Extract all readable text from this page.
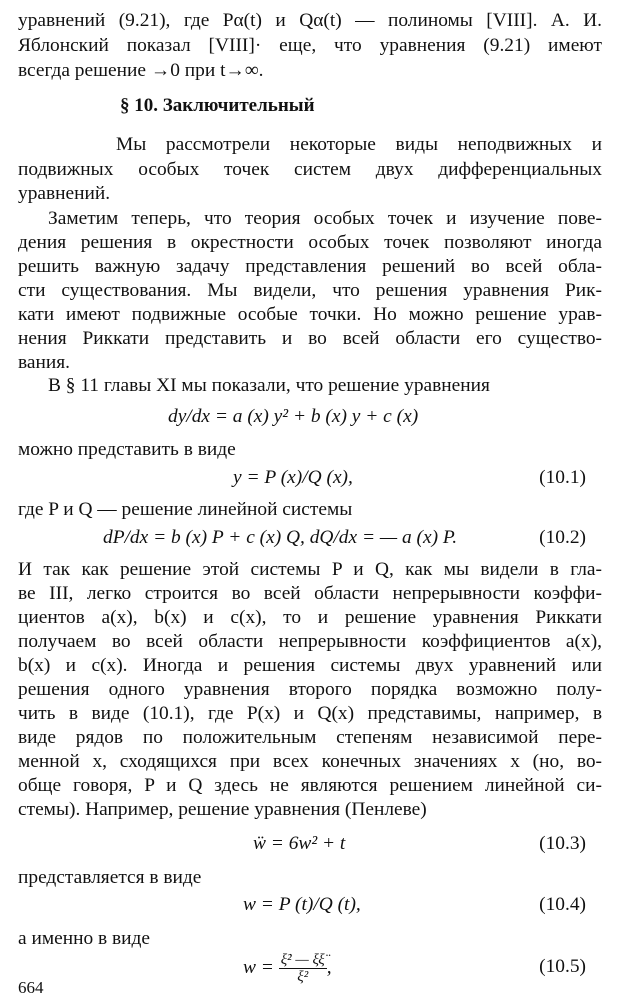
уравнений (9.21), где Pα(t) и Qα(t) — полиномы [VIII]. А. И.
Яблонский показал [VIII]· еще, что уравнения (9.21) имеют
всегда решение →0 при t→∞.
§ 10. Заключительный
Мы рассмотрели некоторые виды неподвижных и
подвижных особых точек систем двух дифференциальных
уравнений.
Заметим теперь, что теория особых точек и изучение пове-
дения решения в окрестности особых точек позволяют иногда
решить важную задачу представления решений во всей обла-
сти существования. Мы видели, что решения уравнения Рик-
кати имеют подвижные особые точки. Но можно решение урав-
нения Риккати представить и во всей области его существо-
вания.
В § 11 главы XI мы показали, что решение уравнения
dy/dx = a (x) y² + b (x) y + c (x)
можно представить в виде
y = P (x)/Q (x),	(10.1)
где P и Q — решение линейной системы
dP/dx = b (x) P + c (x) Q, dQ/dx = — a (x) P.	(10.2)
И так как решение этой системы P и Q, как мы видели в гла-
ве III, легко строится во всей области непрерывности коэффи-
циентов a(x), b(x) и c(x), то и решение уравнения Риккати
получаем во всей области непрерывности коэффициентов a(x),
b(x) и c(x). Иногда и решения системы двух уравнений или
решения одного уравнения второго порядка возможно полу-
чить в виде (10.1), где P(x) и Q(x) представимы, например, в
виде рядов по положительным степеням независимой пере-
менной x, сходящихся при всех конечных значениях x (но, во-
обще говоря, P и Q здесь не являются решением линейной си-
стемы). Например, решение уравнения (Пенлеве)
ẅ = 6w² + t	(10.3)
представляется в виде
w = P (t)/Q (t),	(10.4)
а именно в виде
$w = \frac{\text{ξ̇² — ξξ̈}}{\text{ξ²}}$ ,	(10.5)
664
